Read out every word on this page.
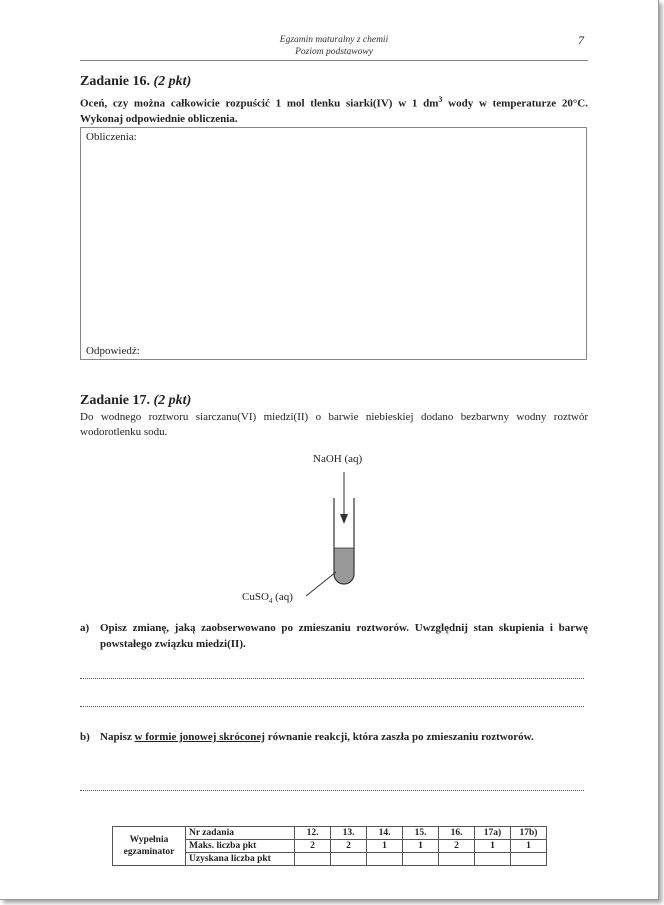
Egzamin maturalny z chemii
Poziom podstawowy
7
Zadanie 16. (2 pkt)
Oceń, czy można całkowicie rozpuścić 1 mol tlenku siarki(IV) w 1 $dm^3$ wody w temperaturze 20°C. Wykonaj odpowiednie obliczenia.
Obliczenia:
Odpowiedź:
Zadanie 17. (2 pkt)
Do wodnego roztworu siarczanu(VI) miedzi(II) o barwie niebieskiej dodano bezbarwny wodny roztwór wodorotlenku sodu.
NaOH (aq)
CuSO$_4$ (aq)
a) Opisz zmianę, jaką zaobserwowano po zmieszaniu roztworów. Uwzględnij stan skupienia i barwę powstałego związku miedzi(II).
b) Napisz w formie jonowej skróconej równanie reakcji, która zaszła po zmieszaniu roztworów.
Wypełnia
egzaminator	Nr zadania	12.	13.	14.	15.	16.	17a)	17b)
	Maks. liczba pkt	2	2	1	1	2	1	1
	Uzyskana liczba pkt							
